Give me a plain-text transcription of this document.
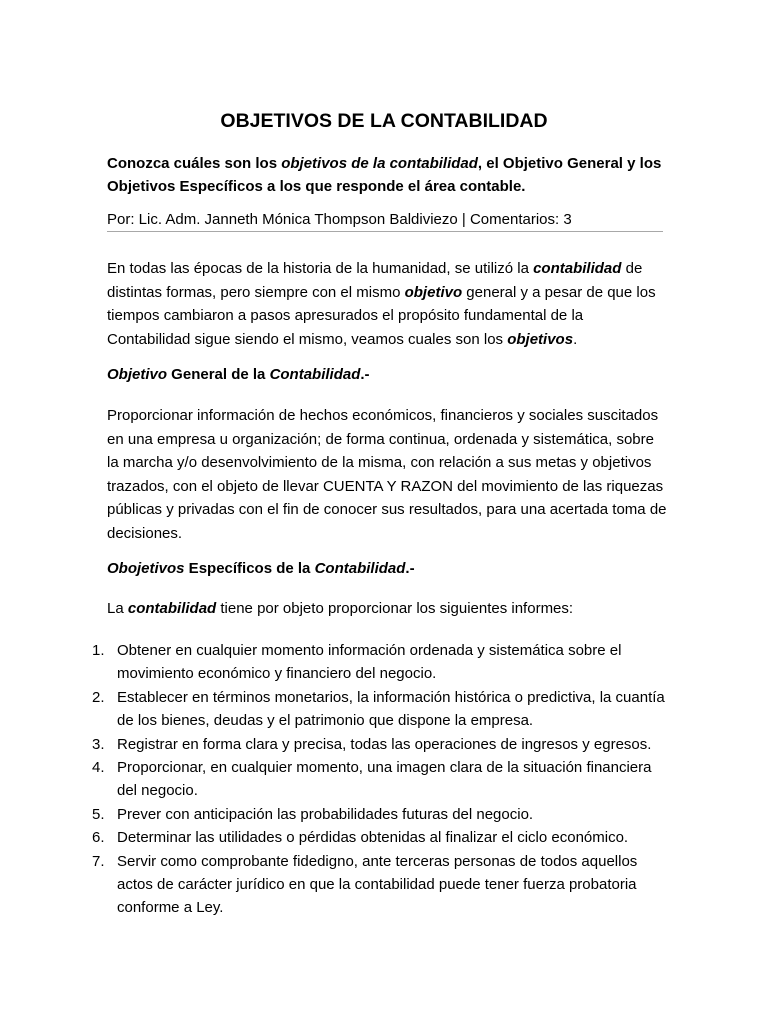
OBJETIVOS DE LA CONTABILIDAD

Conozca cuáles son los objetivos de la contabilidad, el Objetivo General y los Objetivos Específicos a los que responde el área contable.

Por: Lic. Adm. Janneth Mónica Thompson Baldiviezo | Comentarios: 3

En todas las épocas de la historia de la humanidad, se utilizó la contabilidad de distintas formas, pero siempre con el mismo objetivo general y a pesar de que los tiempos cambiaron a pasos apresurados el propósito fundamental de la Contabilidad sigue siendo el mismo, veamos cuales son los objetivos.

Objetivo General de la Contabilidad.-

Proporcionar información de hechos económicos, financieros y sociales suscitados en una empresa u organización; de forma continua, ordenada y sistemática, sobre la marcha y/o desenvolvimiento de la misma, con relación a sus metas y objetivos trazados, con el objeto de llevar CUENTA Y RAZON del movimiento de las riquezas públicas y privadas con el fin de conocer sus resultados, para una acertada toma de decisiones.

Obojetivos Específicos de la Contabilidad.-

La contabilidad tiene por objeto proporcionar los siguientes informes:

1. Obtener en cualquier momento información ordenada y sistemática sobre el movimiento económico y financiero del negocio.
2. Establecer en términos monetarios, la información histórica o predictiva, la cuantía de los bienes, deudas y el patrimonio que dispone la empresa.
3. Registrar en forma clara y precisa, todas las operaciones de ingresos y egresos.
4. Proporcionar, en cualquier momento, una imagen clara de la situación financiera del negocio.
5. Prever con anticipación las probabilidades futuras del negocio.
6. Determinar las utilidades o pérdidas obtenidas al finalizar el ciclo económico.
7. Servir como comprobante fidedigno, ante terceras personas de todos aquellos actos de carácter jurídico en que la contabilidad puede tener fuerza probatoria conforme a Ley.
